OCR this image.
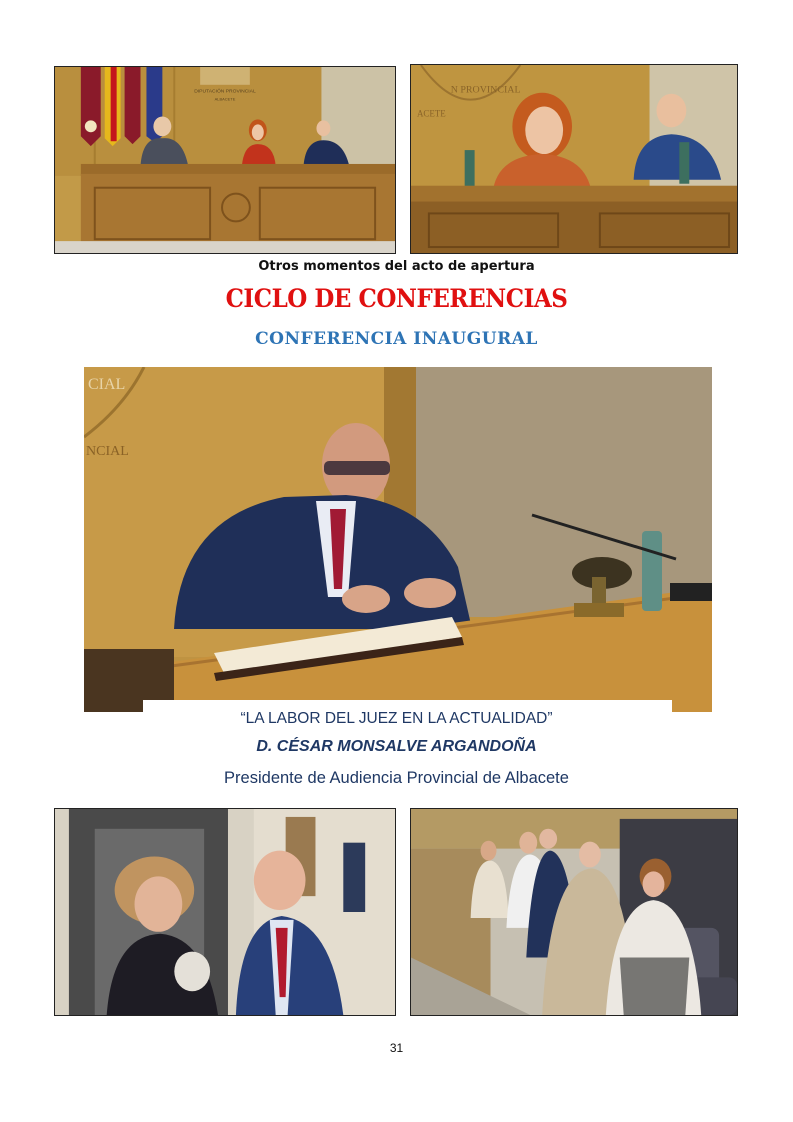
DIPUTACIÓN PROVINCIAL
ALBACETE
N PROVINCIAL
ACETE
Otros momentos del acto de apertura
CICLO DE CONFERENCIAS
CONFERENCIA INAUGURAL
CIAL
NCIAL
“LA LABOR DEL JUEZ EN LA ACTUALIDAD”
D. CÉSAR MONSALVE ARGANDOÑA
Presidente de Audiencia Provincial de Albacete
31
